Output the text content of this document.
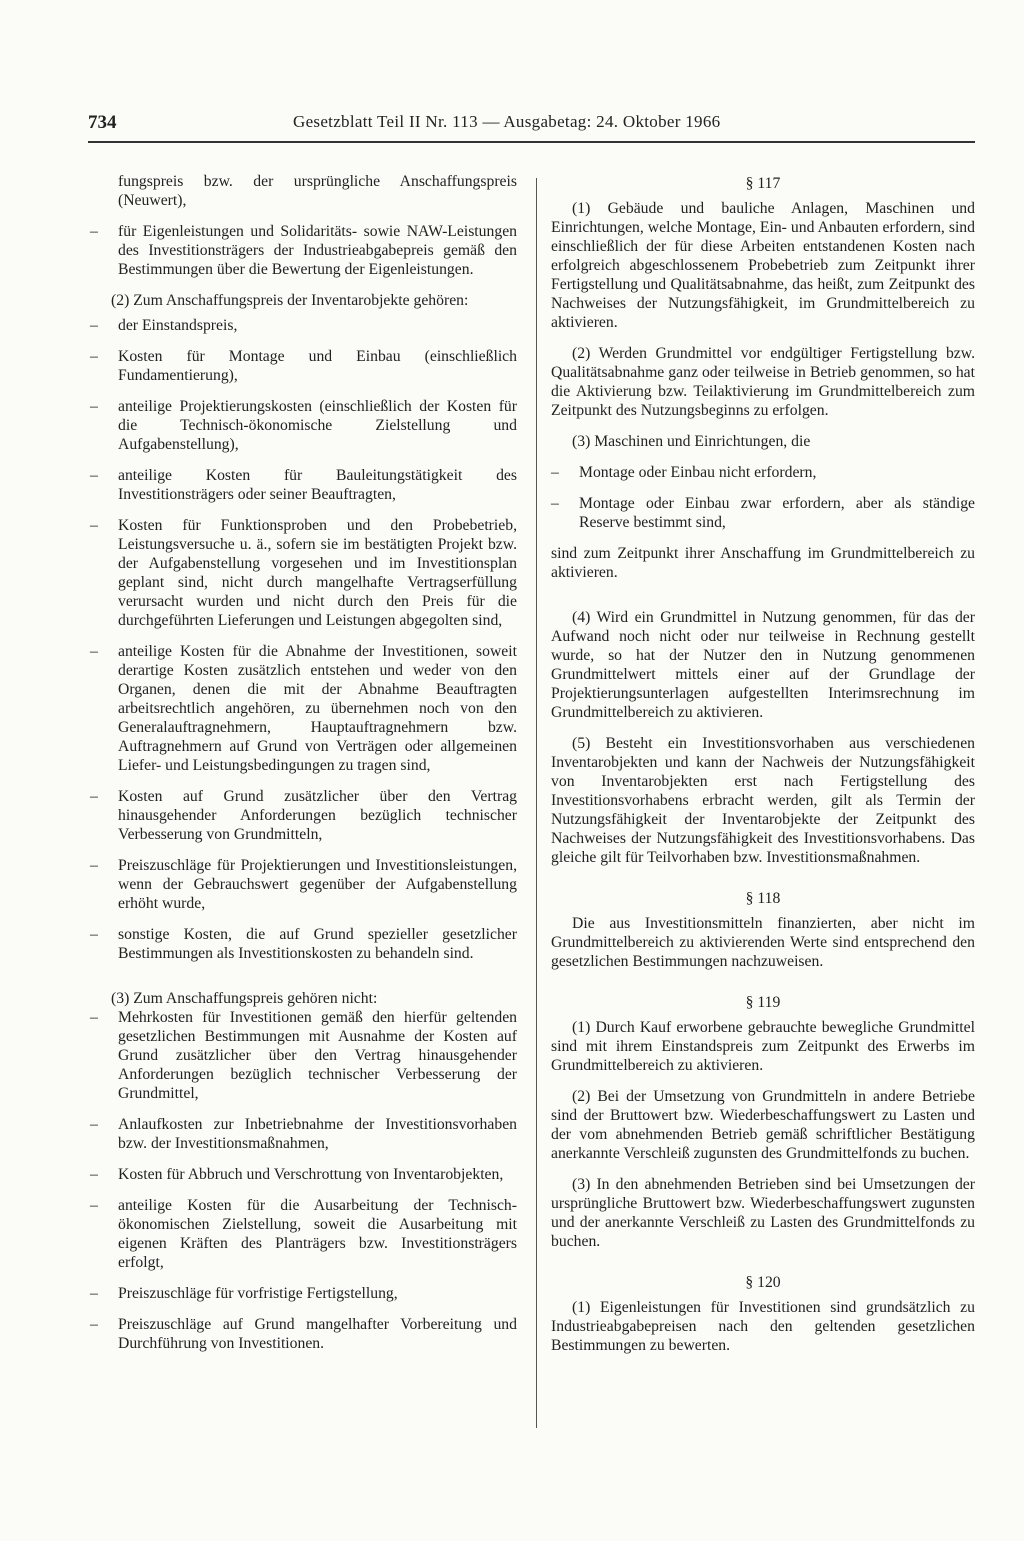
734	Gesetzblatt Teil II Nr. 113 — Ausgabetag: 24. Oktober 1966

fungspreis bzw. der ursprüngliche Anschaffungspreis (Neuwert),

– für Eigenleistungen und Solidaritäts- sowie NAW-Leistungen des Investitionsträgers der Industrieabgabepreis gemäß den Bestimmungen über die Bewertung der Eigenleistungen.

(2) Zum Anschaffungspreis der Inventarobjekte gehören:

– der Einstandspreis,
– Kosten für Montage und Einbau (einschließlich Fundamentierung),
– anteilige Projektierungskosten (einschließlich der Kosten für die Technisch-ökonomische Zielstellung und Aufgabenstellung),
– anteilige Kosten für Bauleitungstätigkeit des Investitionsträgers oder seiner Beauftragten,
– Kosten für Funktionsproben und den Probebetrieb, Leistungsversuche u. ä., sofern sie im bestätigten Projekt bzw. der Aufgabenstellung vorgesehen und im Investitionsplan geplant sind, nicht durch mangelhafte Vertragserfüllung verursacht wurden und nicht durch den Preis für die durchgeführten Lieferungen und Leistungen abgegolten sind,
– anteilige Kosten für die Abnahme der Investitionen, soweit derartige Kosten zusätzlich entstehen und weder von den Organen, denen die mit der Abnahme Beauftragten arbeitsrechtlich angehören, zu übernehmen noch von den Generalauftragnehmern, Hauptauftragnehmern bzw. Auftragnehmern auf Grund von Verträgen oder allgemeinen Liefer- und Leistungsbedingungen zu tragen sind,
– Kosten auf Grund zusätzlicher über den Vertrag hinausgehender Anforderungen bezüglich technischer Verbesserung von Grundmitteln,
– Preiszuschläge für Projektierungen und Investitionsleistungen, wenn der Gebrauchswert gegenüber der Aufgabenstellung erhöht wurde,
– sonstige Kosten, die auf Grund spezieller gesetzlicher Bestimmungen als Investitionskosten zu behandeln sind.

(3) Zum Anschaffungspreis gehören nicht:

– Mehrkosten für Investitionen gemäß den hierfür geltenden gesetzlichen Bestimmungen mit Ausnahme der Kosten auf Grund zusätzlicher über den Vertrag hinausgehender Anforderungen bezüglich technischer Verbesserung der Grundmittel,
– Anlaufkosten zur Inbetriebnahme der Investitionsvorhaben bzw. der Investitionsmaßnahmen,
– Kosten für Abbruch und Verschrottung von Inventarobjekten,
– anteilige Kosten für die Ausarbeitung der Technisch-ökonomischen Zielstellung, soweit die Ausarbeitung mit eigenen Kräften des Planträgers bzw. Investitionsträgers erfolgt,
– Preiszuschläge für vorfristige Fertigstellung,
– Preiszuschläge auf Grund mangelhafter Vorbereitung und Durchführung von Investitionen.

§ 117

(1) Gebäude und bauliche Anlagen, Maschinen und Einrichtungen, welche Montage, Ein- und Anbauten erfordern, sind einschließlich der für diese Arbeiten entstandenen Kosten nach erfolgreich abgeschlossenem Probebetrieb zum Zeitpunkt ihrer Fertigstellung und Qualitätsabnahme, das heißt, zum Zeitpunkt des Nachweises der Nutzungsfähigkeit, im Grundmittelbereich zu aktivieren.

(2) Werden Grundmittel vor endgültiger Fertigstellung bzw. Qualitätsabnahme ganz oder teilweise in Betrieb genommen, so hat die Aktivierung bzw. Teilaktivierung im Grundmittelbereich zum Zeitpunkt des Nutzungsbeginns zu erfolgen.

(3) Maschinen und Einrichtungen, die

– Montage oder Einbau nicht erfordern,
– Montage oder Einbau zwar erfordern, aber als ständige Reserve bestimmt sind,

sind zum Zeitpunkt ihrer Anschaffung im Grundmittelbereich zu aktivieren.

(4) Wird ein Grundmittel in Nutzung genommen, für das der Aufwand noch nicht oder nur teilweise in Rechnung gestellt wurde, so hat der Nutzer den in Nutzung genommenen Grundmittelwert mittels einer auf der Grundlage der Projektierungsunterlagen aufgestellten Interimsrechnung im Grundmittelbereich zu aktivieren.

(5) Besteht ein Investitionsvorhaben aus verschiedenen Inventarobjekten und kann der Nachweis der Nutzungsfähigkeit von Inventarobjekten erst nach Fertigstellung des Investitionsvorhabens erbracht werden, gilt als Termin der Nutzungsfähigkeit der Inventarobjekte der Zeitpunkt des Nachweises der Nutzungsfähigkeit des Investitionsvorhabens. Das gleiche gilt für Teilvorhaben bzw. Investitionsmaßnahmen.

§ 118

Die aus Investitionsmitteln finanzierten, aber nicht im Grundmittelbereich zu aktivierenden Werte sind entsprechend den gesetzlichen Bestimmungen nachzuweisen.

§ 119

(1) Durch Kauf erworbene gebrauchte bewegliche Grundmittel sind mit ihrem Einstandspreis zum Zeitpunkt des Erwerbs im Grundmittelbereich zu aktivieren.

(2) Bei der Umsetzung von Grundmitteln in andere Betriebe sind der Bruttowert bzw. Wiederbeschaffungswert zu Lasten und der vom abnehmenden Betrieb gemäß schriftlicher Bestätigung anerkannte Verschleiß zugunsten des Grundmittelfonds zu buchen.

(3) In den abnehmenden Betrieben sind bei Umsetzungen der ursprüngliche Bruttowert bzw. Wiederbeschaffungswert zugunsten und der anerkannte Verschleiß zu Lasten des Grundmittelfonds zu buchen.

§ 120

(1) Eigenleistungen für Investitionen sind grundsätzlich zu Industrieabgabepreisen nach den geltenden gesetzlichen Bestimmungen zu bewerten.
